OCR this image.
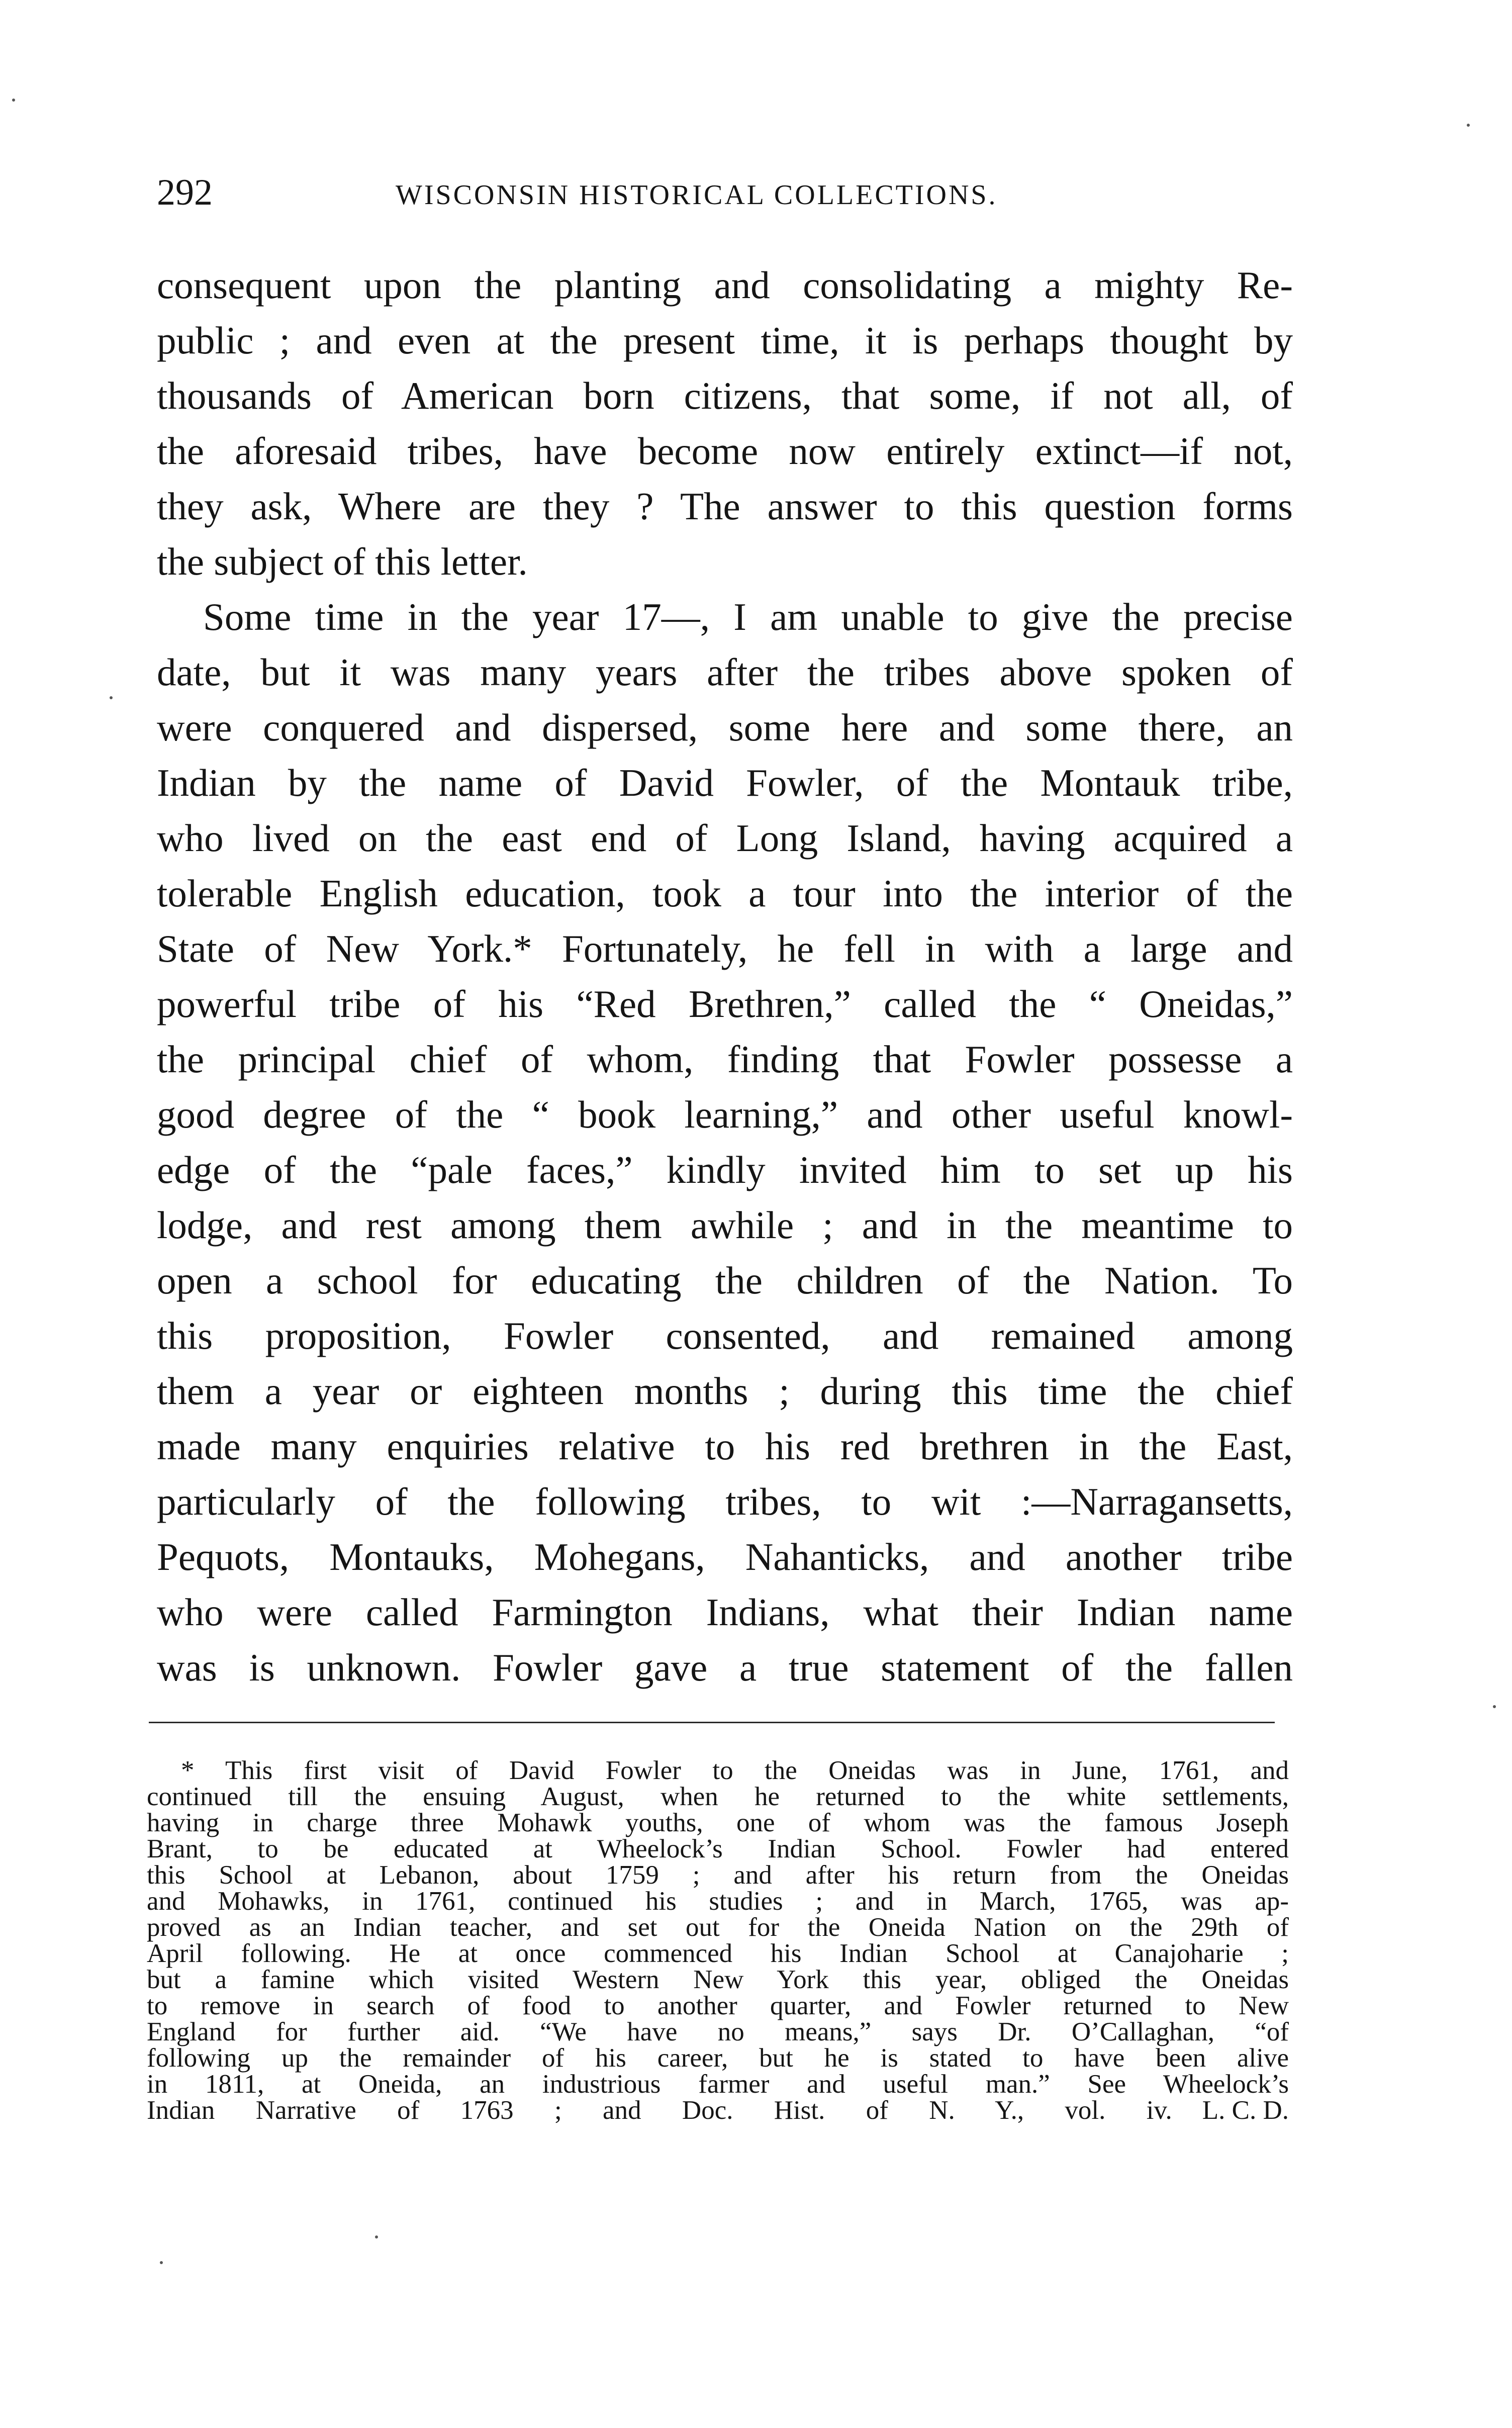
292	WISCONSIN HISTORICAL COLLECTIONS.
consequent upon the planting and consolidating a mighty Re-
public ; and even at the present time, it is perhaps thought by
thousands of American born citizens, that some, if not all, of
the aforesaid tribes, have become now entirely extinct—if not,
they ask, Where are they ? The answer to this question forms
the subject of this letter.
Some time in the year 17—, I am unable to give the precise
date, but it was many years after the tribes above spoken of
were conquered and dispersed, some here and some there, an
Indian by the name of David Fowler, of the Montauk tribe,
who lived on the east end of Long Island, having acquired a
tolerable English education, took a tour into the interior of the
State of New York.* Fortunately, he fell in with a large and
powerful tribe of his “Red Brethren,” called the “ Oneidas,”
the principal chief of whom, finding that Fowler possesse a
good degree of the “ book learning,” and other useful knowl-
edge of the “pale faces,” kindly invited him to set up his
lodge, and rest among them awhile ; and in the meantime to
open a school for educating the children of the Nation. To
this proposition, Fowler consented, and remained among
them a year or eighteen months ; during this time the chief
made many enquiries relative to his red brethren in the East,
particularly of the following tribes, to wit :—Narragansetts,
Pequots, Montauks, Mohegans, Nahanticks, and another tribe
who were called Farmington Indians, what their Indian name
was is unknown. Fowler gave a true statement of the fallen
* This first visit of David Fowler to the Oneidas was in June, 1761, and
continued till the ensuing August, when he returned to the white settlements,
having in charge three Mohawk youths, one of whom was the famous Joseph
Brant, to be educated at Wheelock’s Indian School. Fowler had entered
this School at Lebanon, about 1759 ; and after his return from the Oneidas
and Mohawks, in 1761, continued his studies ; and in March, 1765, was ap-
proved as an Indian teacher, and set out for the Oneida Nation on the 29th of
April following. He at once commenced his Indian School at Canajoharie ;
but a famine which visited Western New York this year, obliged the Oneidas
to remove in search of food to another quarter, and Fowler returned to New
England for further aid. “We have no means,” says Dr. O’Callaghan, “of
following up the remainder of his career, but he is stated to have been alive
in 1811, at Oneida, an industrious farmer and useful man.” See Wheelock’s
Indian Narrative of 1763 ; and Doc. Hist. of N. Y., vol. iv. L. C. D.
